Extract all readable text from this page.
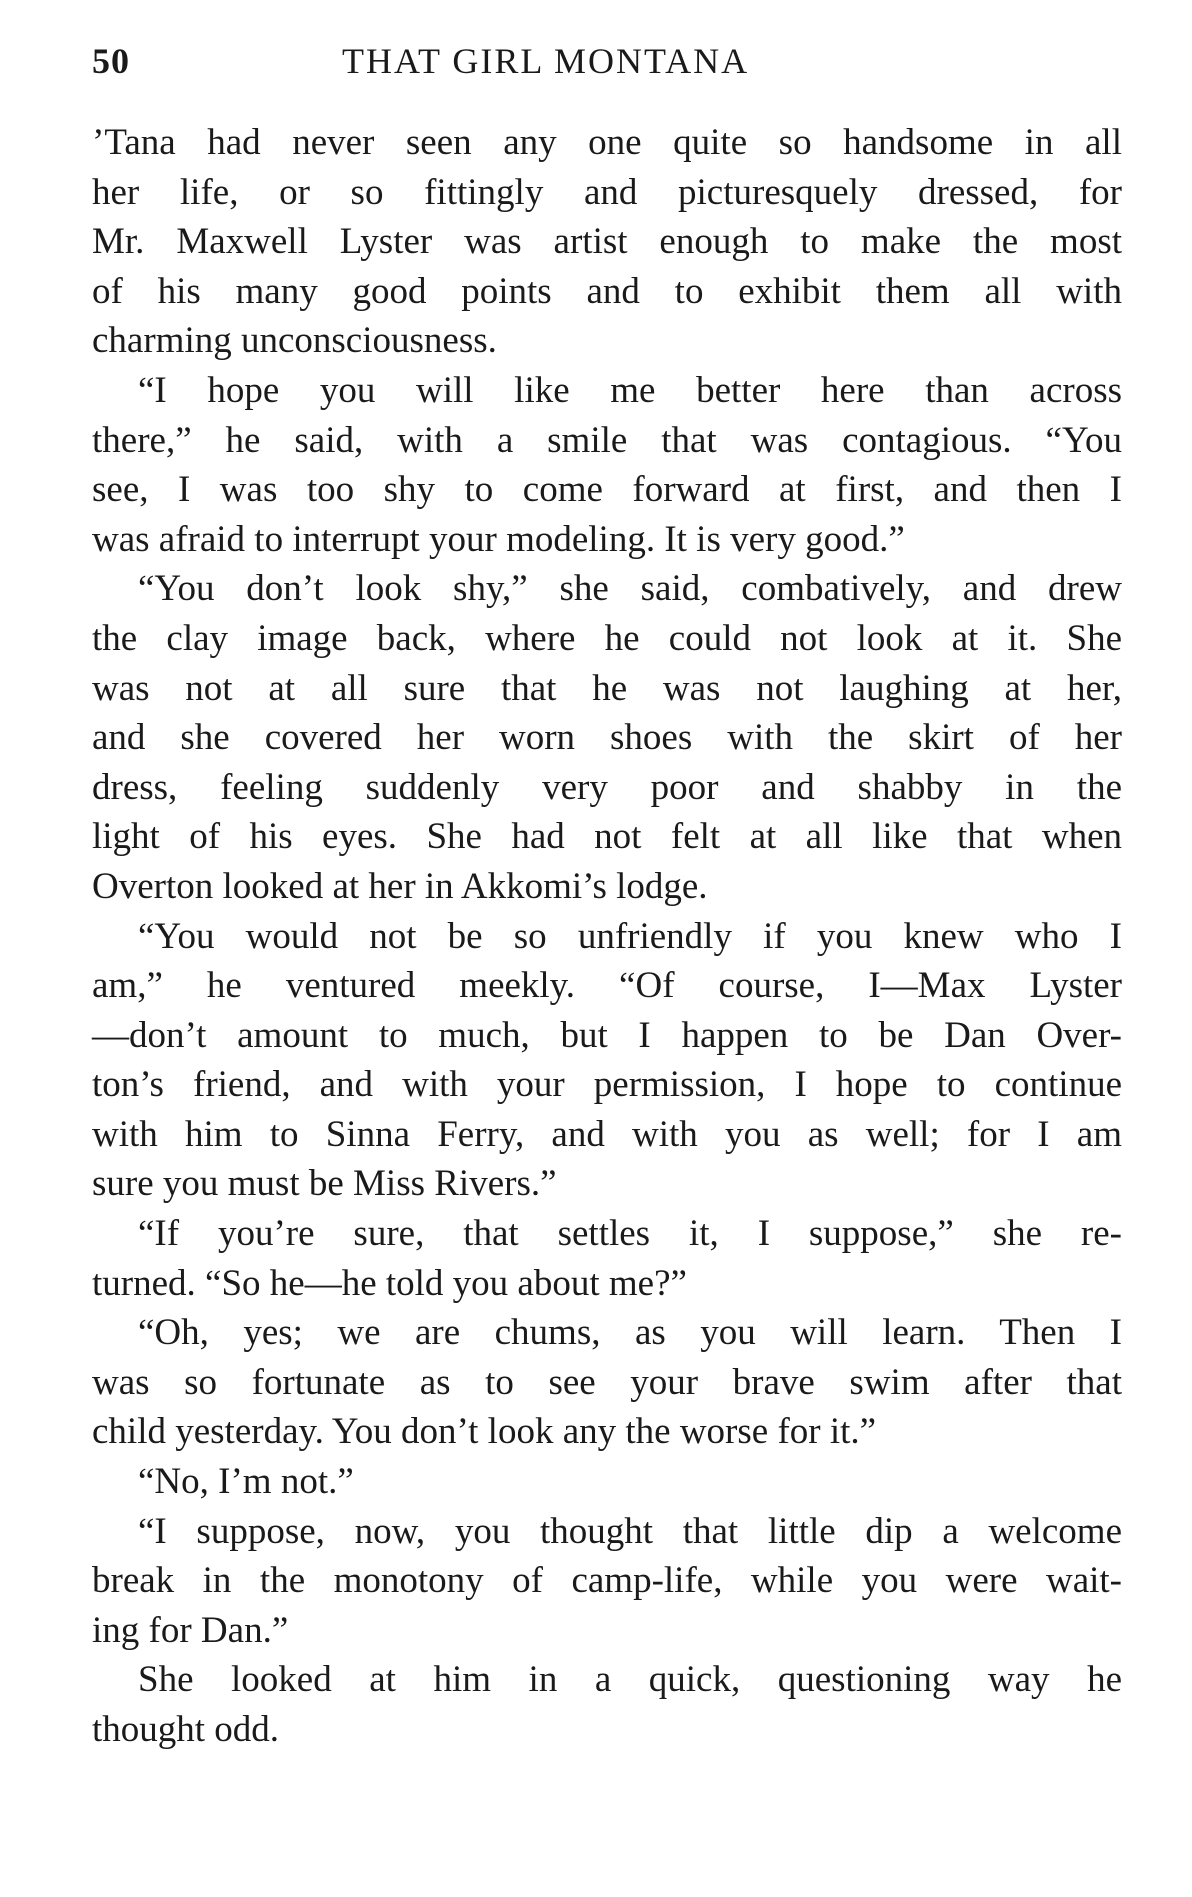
50	THAT GIRL MONTANA
’Tana had never seen any one quite so handsome in all
her life, or so fittingly and picturesquely dressed, for
Mr. Maxwell Lyster was artist enough to make the most
of his many good points and to exhibit them all with
charming unconsciousness.
“I hope you will like me better here than across
there,” he said, with a smile that was contagious. “You
see, I was too shy to come forward at first, and then I
was afraid to interrupt your modeling. It is very good.”
“You don’t look shy,” she said, combatively, and drew
the clay image back, where he could not look at it. She
was not at all sure that he was not laughing at her,
and she covered her worn shoes with the skirt of her
dress, feeling suddenly very poor and shabby in the
light of his eyes. She had not felt at all like that when
Overton looked at her in Akkomi’s lodge.
“You would not be so unfriendly if you knew who I
am,” he ventured meekly. “Of course, I—Max Lyster
—don’t amount to much, but I happen to be Dan Over-
ton’s friend, and with your permission, I hope to continue
with him to Sinna Ferry, and with you as well; for I am
sure you must be Miss Rivers.”
“If you’re sure, that settles it, I suppose,” she re-
turned. “So he—he told you about me?”
“Oh, yes; we are chums, as you will learn. Then I
was so fortunate as to see your brave swim after that
child yesterday. You don’t look any the worse for it.”
“No, I’m not.”
“I suppose, now, you thought that little dip a welcome
break in the monotony of camp-life, while you were wait-
ing for Dan.”
She looked at him in a quick, questioning way he
thought odd.
